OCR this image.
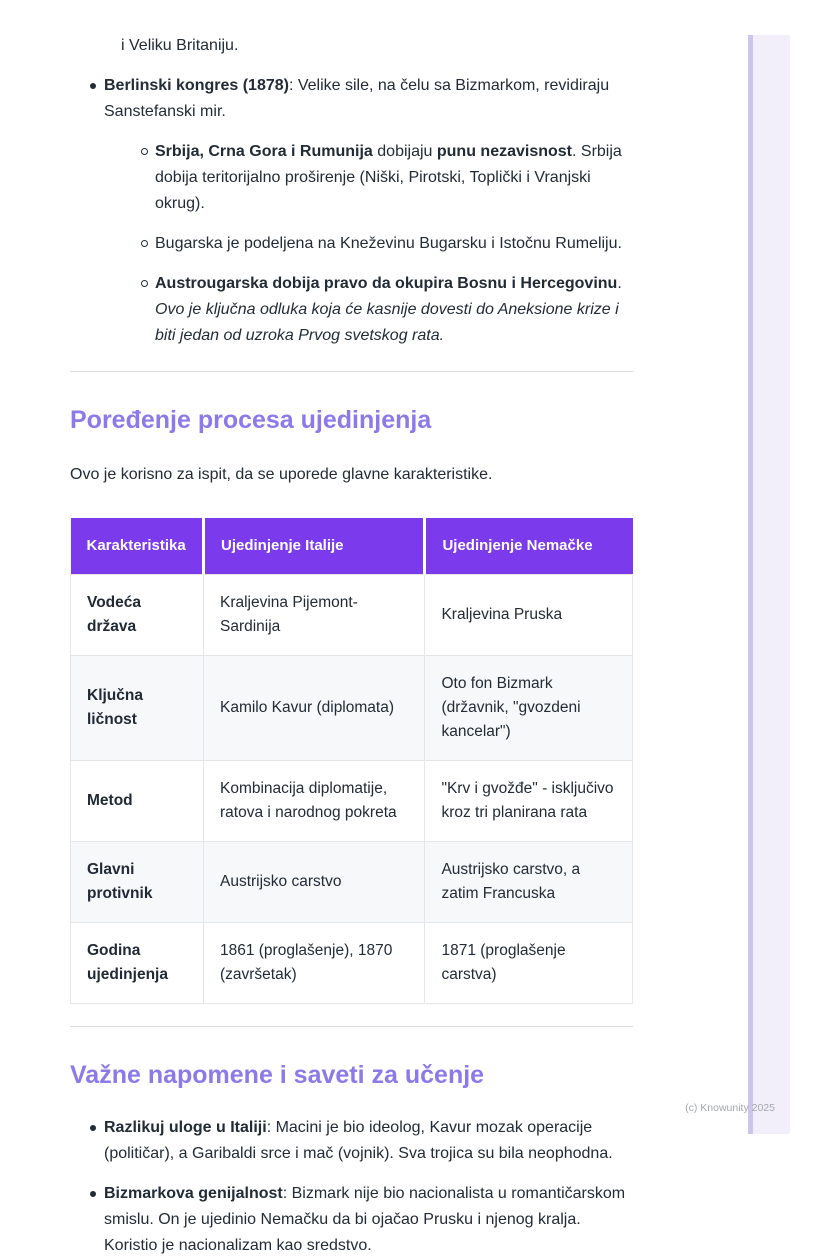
i Veliku Britaniju.
Berlinski kongres (1878): Velike sile, na čelu sa Bizmarkom, revidiraju Sanstefanski mir.
Srbija, Crna Gora i Rumunija dobijaju punu nezavisnost. Srbija dobija teritorijalno proširenje (Niški, Pirotski, Toplički i Vranjski okrug).
Bugarska je podeljena na Kneževinu Bugarsku i Istočnu Rumeliju.
Austrougarska dobija pravo da okupira Bosnu i Hercegovinu. Ovo je ključna odluka koja će kasnije dovesti do Aneksione krize i biti jedan od uzroka Prvog svetskog rata.
Poređenje procesa ujedinjenja

Ovo je korisno za ispit, da se uporede glavne karakteristike.

Karakteristika	Ujedinjenje Italije	Ujedinjenje Nemačke
Vodeća država	Kraljevina Pijemont-Sardinija	Kraljevina Pruska
Ključna ličnost	Kamilo Kavur (diplomata)	Oto fon Bizmark (državnik, "gvozdeni kancelar")
Metod	Kombinacija diplomatije, ratova i narodnog pokreta	"Krv i gvožđe" - isključivo kroz tri planirana rata
Glavni protivnik	Austrijsko carstvo	Austrijsko carstvo, a zatim Francuska
Godina ujedinjenja	1861 (proglašenje), 1870 (završetak)	1871 (proglašenje carstva)
Važne napomene i saveti za učenje
Razlikuj uloge u Italiji: Macini je bio ideolog, Kavur mozak operacije (političar), a Garibaldi srce i mač (vojnik). Sva trojica su bila neophodna.
Bizmarkova genijalnost: Bizmark nije bio nacionalista u romantičarskom smislu. On je ujedinio Nemačku da bi ojačao Prusku i njenog kralja. Koristio je nacionalizam kao sredstvo.
(c) Knowunity 2025
